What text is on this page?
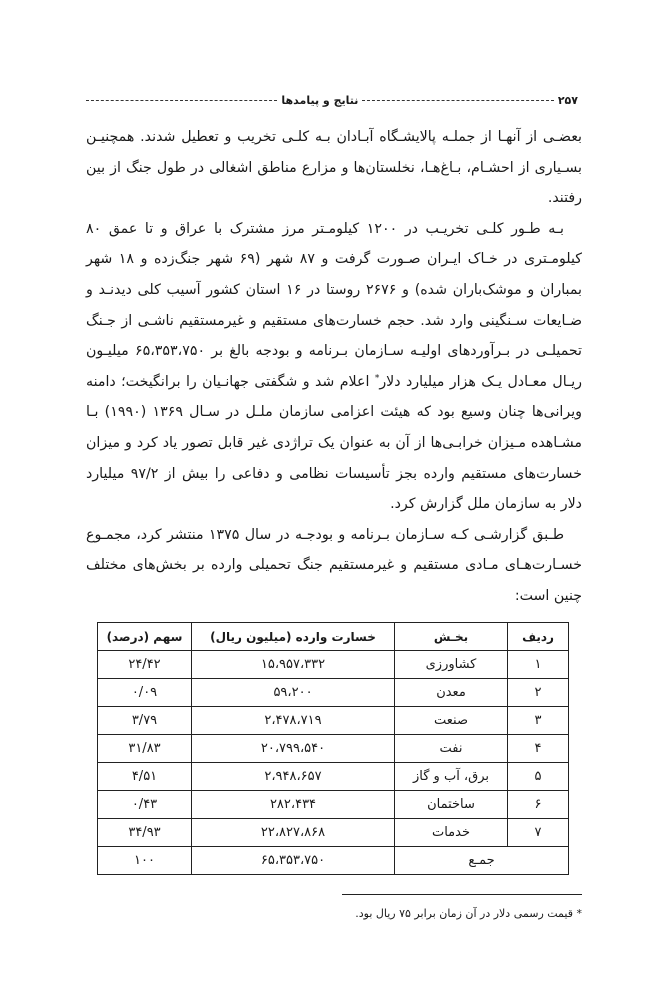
۲۵۷
نتایج و پیامدها

بعضـی از آنهـا از جملـه پالایشـگاه آبـادان بـه کلـی تخریب و تعطیل شدند. همچنیـن بسـیاری از احشـام، بـاغ‌هـا، نخلستان‌ها و مزارع مناطق اشغالی در طول جنگ از بین رفتند.

بـه طـور کلـی تخریـب در ۱۲۰۰ کیلومـتر مرز مشترک با عراق و تا عمق ۸۰ کیلومـتری در خـاک ایـران صـورت گرفت و ۸۷ شهر (۶۹ شهر جنگ‌زده و ۱۸ شهر بمباران و موشک‌باران شده) و ۲۶۷۶ روستا در ۱۶ استان کشور آسیب کلی دیدنـد و ضـایعات سـنگینی وارد شد. حجم خسارت‌های مستقیم و غیرمستقیم ناشـی از جـنگ تحمیلـی در بـرآوردهای اولیـه سـازمان بـرنامه و بودجه بالغ بر ۶۵،۳۵۳،۷۵۰ میلیـون ریـال معـادل یـک هزار میلیارد دلار* اعلام شد و شگفتی جهانـیان را برانگیخت؛ دامنه ویرانی‌ها چنان وسیع بود که هیئت اعزامی سازمان ملـل در سـال ۱۳۶۹ (۱۹۹۰) بـا مشـاهده مـیزان خرابـی‌ها از آن به عنوان یک تراژدی غیر قابل تصور یاد کرد و میزان خسارت‌های مستقیم وارده بجز تأسیسات نظامی و دفاعی را بیش از ۹۷/۲ میلیارد دلار به سازمان ملل گزارش کرد.

طـبق گزارشـی کـه سـازمان بـرنامه و بودجـه در سال ۱۳۷۵ منتشر کرد، مجمـوع خسـارت‌هـای مـادی مستقیم و غیرمستقیم جنگ تحمیلی وارده بر بخش‌های مختلف چنین است:

ردیف	بخـش	خسارت وارده (میلیون ریال)	سهم (درصد)
۱	کشاورزی	۱۵،۹۵۷،۳۳۲	۲۴/۴۲
۲	معدن	۵۹،۲۰۰	۰/۰۹
۳	صنعت	۲،۴۷۸،۷۱۹	۳/۷۹
۴	نفت	۲۰،۷۹۹،۵۴۰	۳۱/۸۳
۵	برق، آب و گاز	۲،۹۴۸،۶۵۷	۴/۵۱
۶	ساختمان	۲۸۲،۴۳۴	۰/۴۳
۷	خدمات	۲۲،۸۲۷،۸۶۸	۳۴/۹۳
جمـع		۶۵،۳۵۳،۷۵۰	۱۰۰
* قیمت رسمی دلار در آن زمان برابر ۷۵ ریال بود.
